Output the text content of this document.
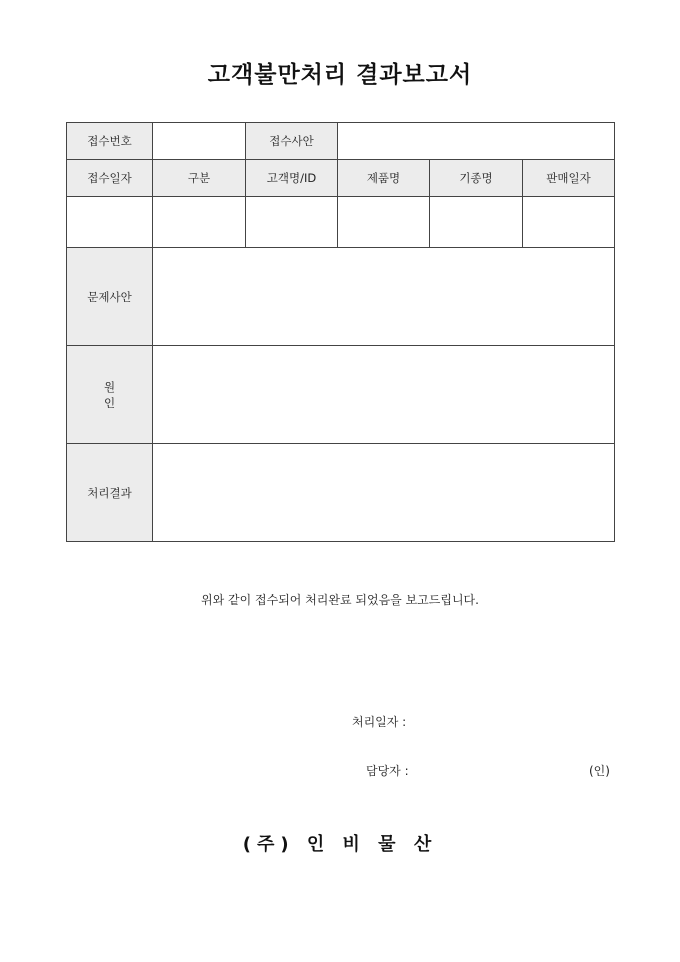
고객불만처리 결과보고서
접수번호		접수사안			
접수일자	구분	고객명/ID	제품명	기종명	판매일자

문제사안					
원 인					
처리결과					
위와 같이 접수되어 처리완료 되었음을 보고드립니다.
처리일자 :
담당자 :	(인)
(주) 인 비 물 산
